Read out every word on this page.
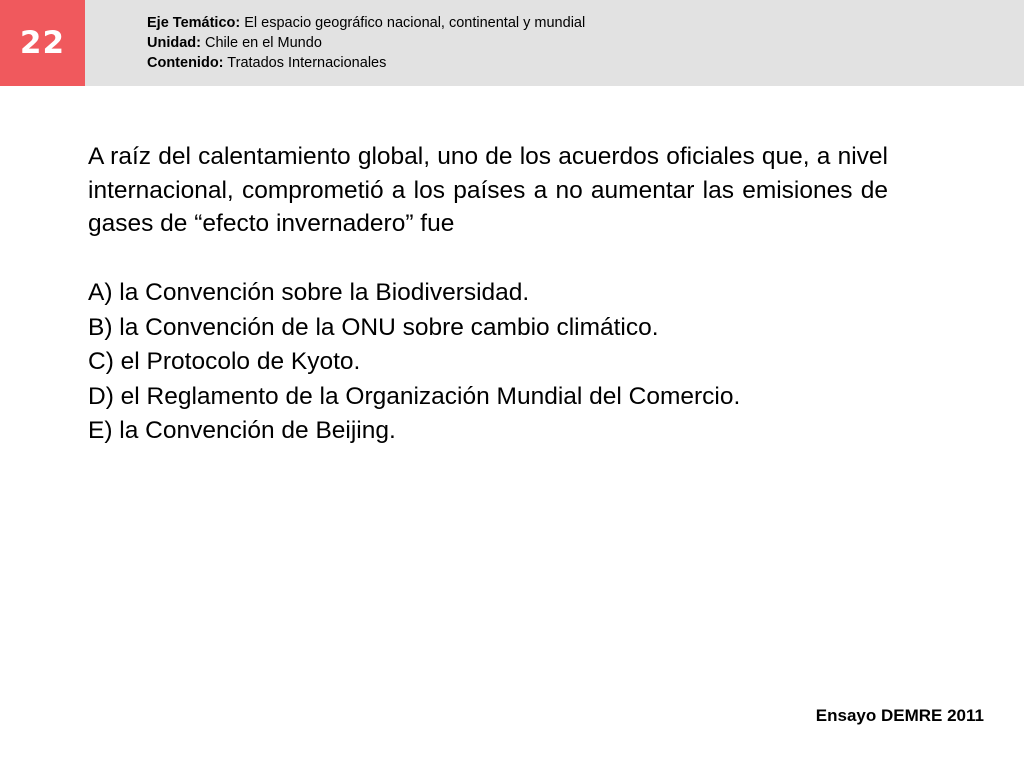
22
Eje Temático: El espacio geográfico nacional, continental y mundial
Unidad: Chile en el Mundo
Contenido: Tratados Internacionales

A raíz del calentamiento global, uno de los acuerdos oficiales que, a nivel internacional, comprometió a los países a no aumentar las emisiones de gases de “efecto invernadero” fue

A) la Convención sobre la Biodiversidad.
B) la Convención de la ONU sobre cambio climático.
C) el Protocolo de Kyoto.
D) el Reglamento de la Organización Mundial del Comercio.
E) la Convención de Beijing.
Ensayo DEMRE 2011
